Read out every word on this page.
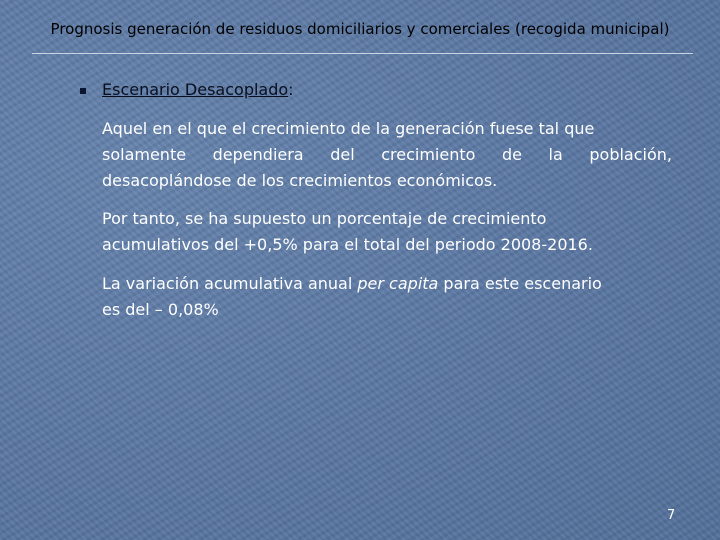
Prognosis generación de residuos domiciliarios y comerciales (recogida municipal)
Escenario Desacoplado:
Aquel en el que el crecimiento de la generación fuese tal que
solamente dependiera del crecimiento de la población,
desacoplándose de los crecimientos económicos.
Por tanto, se ha supuesto un porcentaje de crecimiento
acumulativos del +0,5% para el total del periodo 2008-2016.
La variación acumulativa anual per capita para este escenario
es del – 0,08%
7
